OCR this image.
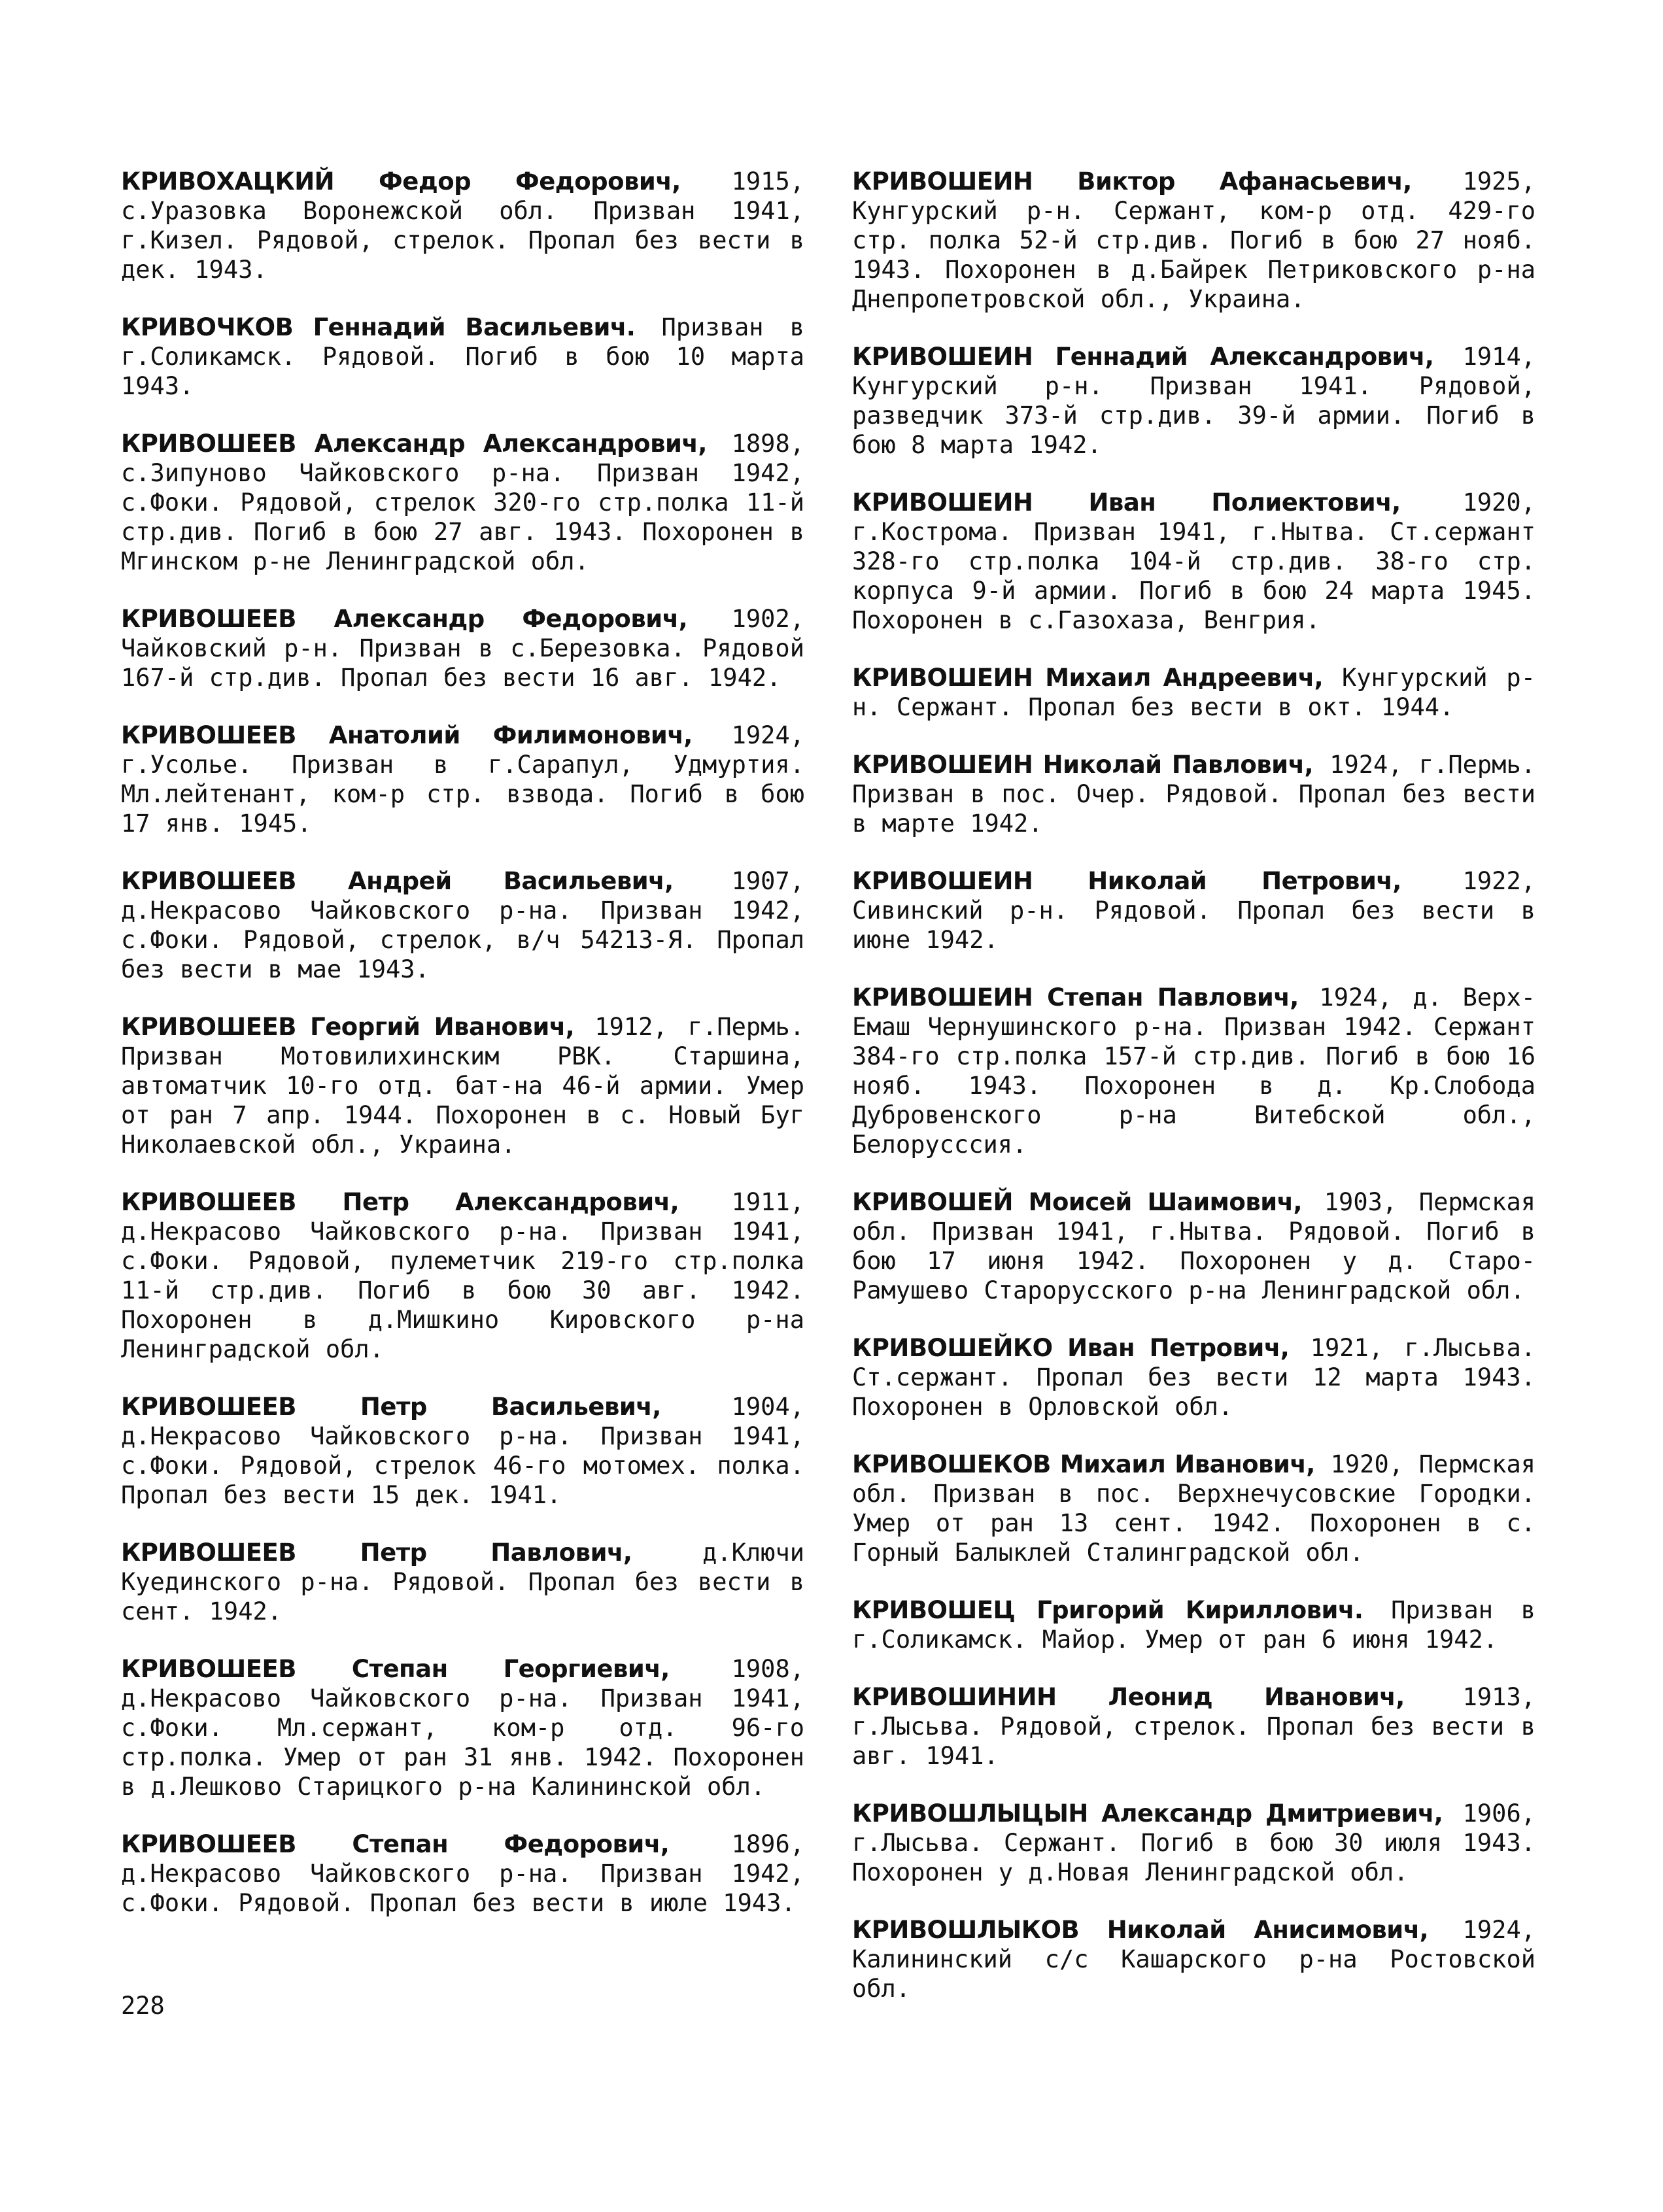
КРИВОХАЦКИЙ Федор Федорович, 1915, с.Уразовка Воронежской обл. Призван 1941, г.Кизел. Рядовой, стрелок. Пропал без вести в дек. 1943.

КРИВОЧКОВ Геннадий Васильевич. Призван в г.Соликамск. Рядовой. Погиб в бою 10 марта 1943.

КРИВОШЕЕВ Александр Александрович, 1898, с.Зипуново Чайковского р-на. Призван 1942, с.Фоки. Рядовой, стрелок 320-го стр.полка 11-й стр.див. Погиб в бою 27 авг. 1943. Похоронен в Мгинском р-не Ленинградской обл.

КРИВОШЕЕВ Александр Федорович, 1902, Чайковский р-н. Призван в с.Березовка. Рядовой 167-й стр.див. Пропал без вести 16 авг. 1942.

КРИВОШЕЕВ Анатолий Филимонович, 1924, г.Усолье. Призван в г.Сарапул, Удмуртия. Мл.лейтенант, ком-р стр. взвода. Погиб в бою 17 янв. 1945.

КРИВОШЕЕВ Андрей Васильевич, 1907, д.Некрасово Чайковского р-на. Призван 1942, с.Фоки. Рядовой, стрелок, в/ч 54213-Я. Пропал без вести в мае 1943.

КРИВОШЕЕВ Георгий Иванович, 1912, г.Пермь. Призван Мотовилихинским РВК. Старшина, автоматчик 10-го отд. бат-на 46-й армии. Умер от ран 7 апр. 1944. Похоронен в с. Новый Буг Николаевской обл., Украина.

КРИВОШЕЕВ Петр Александрович, 1911, д.Некрасово Чайковского р-на. Призван 1941, с.Фоки. Рядовой, пулеметчик 219-го стр.полка 11-й стр.див. Погиб в бою 30 авг. 1942. Похоронен в д.Мишкино Кировского р-на Ленинградской обл.

КРИВОШЕЕВ Петр Васильевич, 1904, д.Некрасово Чайковского р-на. Призван 1941, с.Фоки. Рядовой, стрелок 46-го мотомех. полка. Пропал без вести 15 дек. 1941.

КРИВОШЕЕВ Петр Павлович, д.Ключи Куединского р-на. Рядовой. Пропал без вести в сент. 1942.

КРИВОШЕЕВ Степан Георгиевич, 1908, д.Некрасово Чайковского р-на. Призван 1941, с.Фоки. Мл.сержант, ком-р отд. 96-го стр.полка. Умер от ран 31 янв. 1942. Похоронен в д.Лешково Старицкого р-на Калининской обл.

КРИВОШЕЕВ Степан Федорович, 1896, д.Некрасово Чайковского р-на. Призван 1942, с.Фоки. Рядовой. Пропал без вести в июле 1943.

КРИВОШЕИН Виктор Афанасьевич, 1925, Кунгурский р-н. Сержант, ком-р отд. 429-го стр. полка 52-й стр.див. Погиб в бою 27 нояб. 1943. Похоронен в д.Байрек Петриковского р-на Днепропетровской обл., Украина.

КРИВОШЕИН Геннадий Александрович, 1914, Кунгурский р-н. Призван 1941. Рядовой, разведчик 373-й стр.див. 39-й армии. Погиб в бою 8 марта 1942.

КРИВОШЕИН Иван Полиектович, 1920, г.Кострома. Призван 1941, г.Нытва. Ст.сержант 328-го стр.полка 104-й стр.див. 38-го стр. корпуса 9-й армии. Погиб в бою 24 марта 1945. Похоронен в с.Газохаза, Венгрия.

КРИВОШЕИН Михаил Андреевич, Кунгурский р-н. Сержант. Пропал без вести в окт. 1944.

КРИВОШЕИН Николай Павлович, 1924, г.Пермь. Призван в пос. Очер. Рядовой. Пропал без вести в марте 1942.

КРИВОШЕИН Николай Петрович, 1922, Сивинский р-н. Рядовой. Пропал без вести в июне 1942.

КРИВОШЕИН Степан Павлович, 1924, д. Верх-Емаш Чернушинского р-на. Призван 1942. Сержант 384-го стр.полка 157-й стр.див. Погиб в бою 16 нояб. 1943. Похоронен в д. Кр.Слобода Дубровенского р-на Витебской обл., Белорусссия.

КРИВОШЕЙ Моисей Шаимович, 1903, Пермская обл. Призван 1941, г.Нытва. Рядовой. Погиб в бою 17 июня 1942. Похоронен у д. Старо-Рамушево Старорусского р-на Ленинградской обл.

КРИВОШЕЙКО Иван Петрович, 1921, г.Лысьва. Ст.сержант. Пропал без вести 12 марта 1943. Похоронен в Орловской обл.

КРИВОШЕКОВ Михаил Иванович, 1920, Пермская обл. Призван в пос. Верхнечусовские Городки. Умер от ран 13 сент. 1942. Похоронен в с. Горный Балыклей Сталинградской обл.

КРИВОШЕЦ Григорий Кириллович. Призван в г.Соликамск. Майор. Умер от ран 6 июня 1942.

КРИВОШИНИН Леонид Иванович, 1913, г.Лысьва. Рядовой, стрелок. Пропал без вести в авг. 1941.

КРИВОШЛЫЦЫН Александр Дмитриевич, 1906, г.Лысьва. Сержант. Погиб в бою 30 июля 1943. Похоронен у д.Новая Ленинградской обл.

КРИВОШЛЫКОВ Николай Анисимович, 1924, Калининский с/с Кашарского р-на Ростовской обл.

228
